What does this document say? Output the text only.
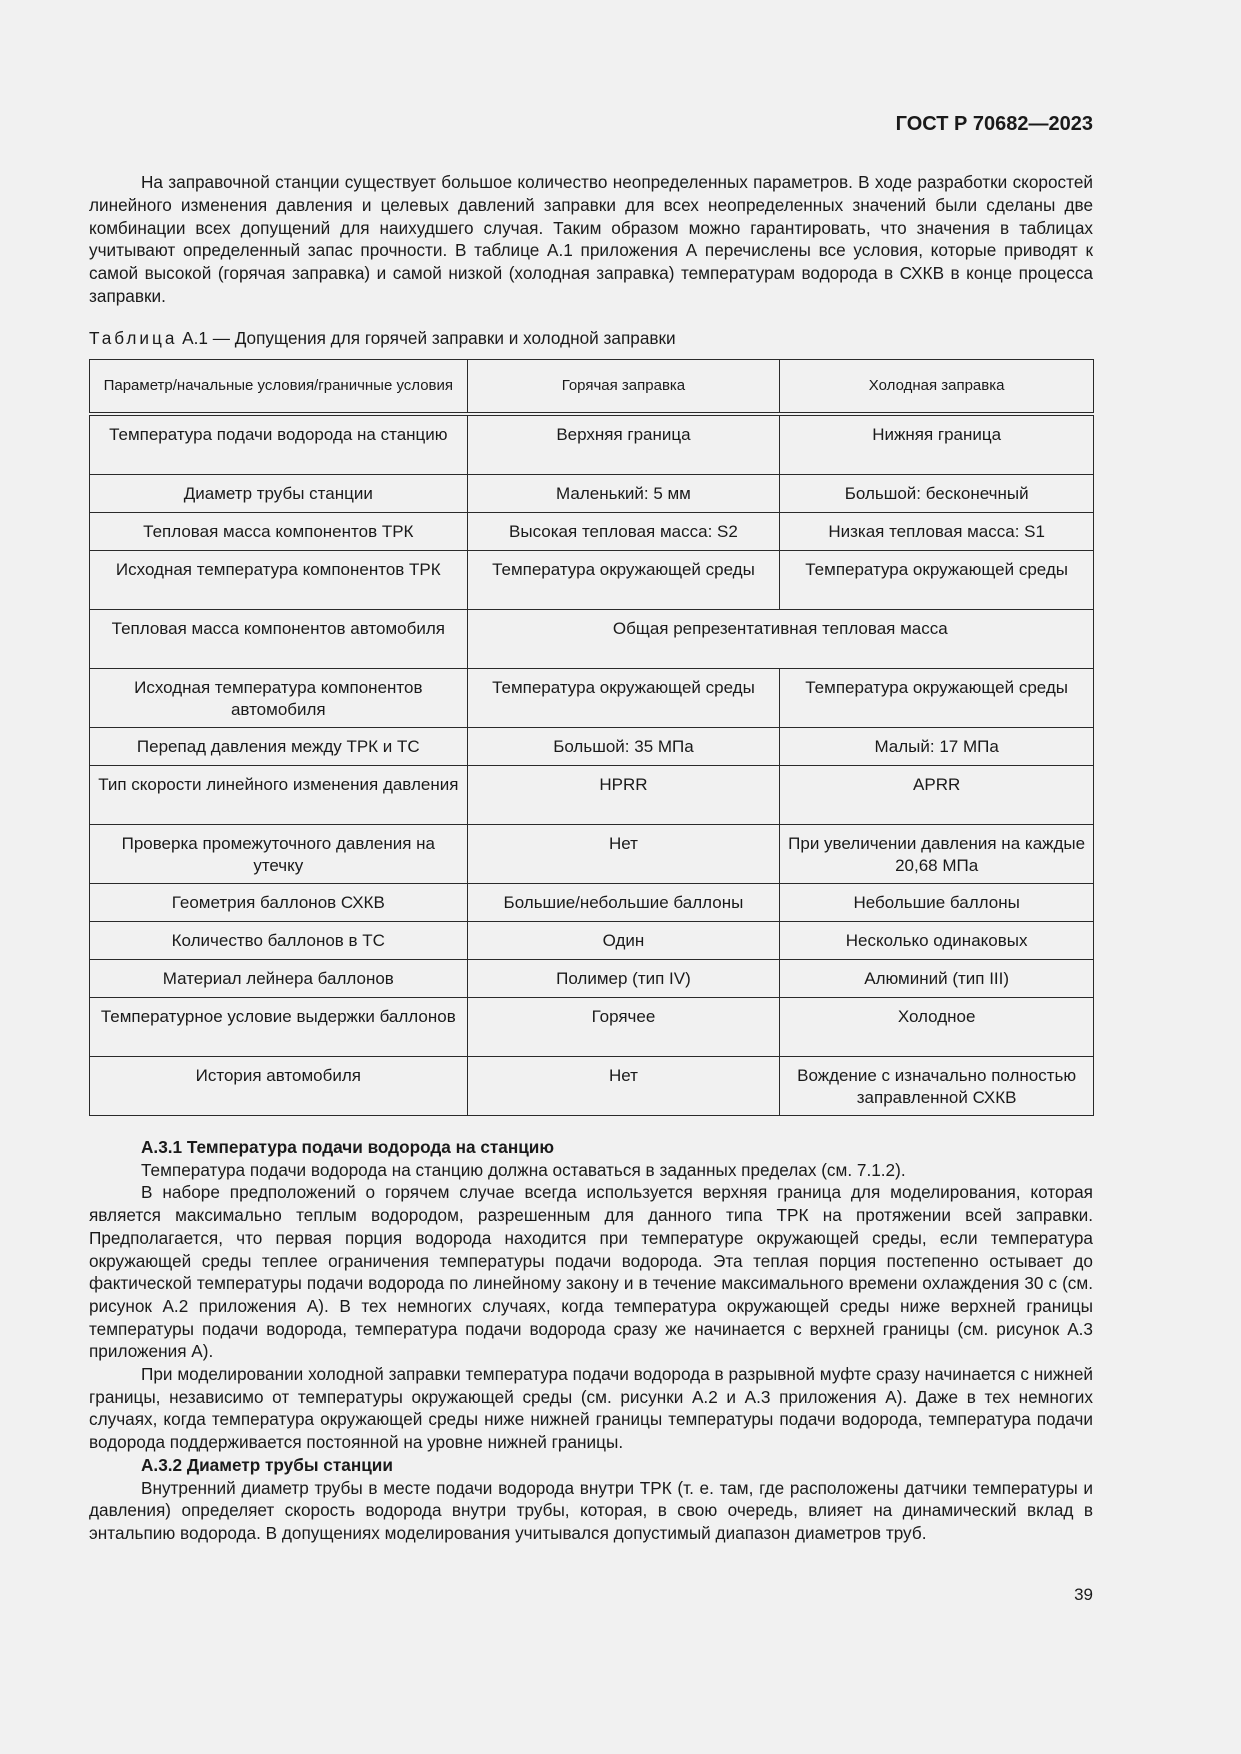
ГОСТ Р 70682—2023

На заправочной станции существует большое количество неопределенных параметров. В ходе разработки скоростей линейного изменения давления и целевых давлений заправки для всех неопределенных значений были сделаны две комбинации всех допущений для наихудшего случая. Таким образом можно гарантировать, что значения в таблицах учитывают определенный запас прочности. В таблице А.1 приложения А перечислены все условия, которые приводят к самой высокой (горячая заправка) и самой низкой (холодная заправка) температурам водорода в СХКВ в конце процесса заправки.

Таблица А.1 — Допущения для горячей заправки и холодной заправки
Параметр/начальные условия/граничные условия	Горячая заправка	Холодная заправка
Температура подачи водорода на станцию	Верхняя граница	Нижняя граница
Диаметр трубы станции	Маленький: 5 мм	Большой: бесконечный
Тепловая масса компонентов ТРК	Высокая тепловая масса: S2	Низкая тепловая масса: S1
Исходная температура компонентов ТРК	Температура окружающей среды	Температура окружающей среды
Тепловая масса компонентов автомобиля	Общая репрезентативная тепловая масса	
Исходная температура компонентов автомобиля	Температура окружающей среды	Температура окружающей среды
Перепад давления между ТРК и ТС	Большой: 35 МПа	Малый: 17 МПа
Тип скорости линейного изменения давления	HPRR	APRR
Проверка промежуточного давления на утечку	Нет	При увеличении давления на каждые 20,68 МПа
Геометрия баллонов СХКВ	Большие/небольшие баллоны	Небольшие баллоны
Количество баллонов в ТС	Один	Несколько одинаковых
Материал лейнера баллонов	Полимер (тип IV)	Алюминий (тип III)
Температурное условие выдержки баллонов	Горячее	Холодное
История автомобиля	Нет	Вождение с изначально полностью заправленной СХКВ
А.3.1 Температура подачи водорода на станцию

Температура подачи водорода на станцию должна оставаться в заданных пределах (см. 7.1.2).

В наборе предположений о горячем случае всегда используется верхняя граница для моделирования, которая является максимально теплым водородом, разрешенным для данного типа ТРК на протяжении всей заправки. Предполагается, что первая порция водорода находится при температуре окружающей среды, если температура окружающей среды теплее ограничения температуры подачи водорода. Эта теплая порция постепенно остывает до фактической температуры подачи водорода по линейному закону и в течение максимального времени охлаждения 30 с (см. рисунок А.2 приложения А). В тех немногих случаях, когда температура окружающей среды ниже верхней границы температуры подачи водорода, температура подачи водорода сразу же начинается с верхней границы (см. рисунок А.3 приложения А).

При моделировании холодной заправки температура подачи водорода в разрывной муфте сразу начинается с нижней границы, независимо от температуры окружающей среды (см. рисунки А.2 и А.3 приложения А). Даже в тех немногих случаях, когда температура окружающей среды ниже нижней границы температуры подачи водорода, температура подачи водорода поддерживается постоянной на уровне нижней границы.

А.3.2 Диаметр трубы станции

Внутренний диаметр трубы в месте подачи водорода внутри ТРК (т. е. там, где расположены датчики температуры и давления) определяет скорость водорода внутри трубы, которая, в свою очередь, влияет на динамический вклад в энтальпию водорода. В допущениях моделирования учитывался допустимый диапазон диаметров труб.

39
